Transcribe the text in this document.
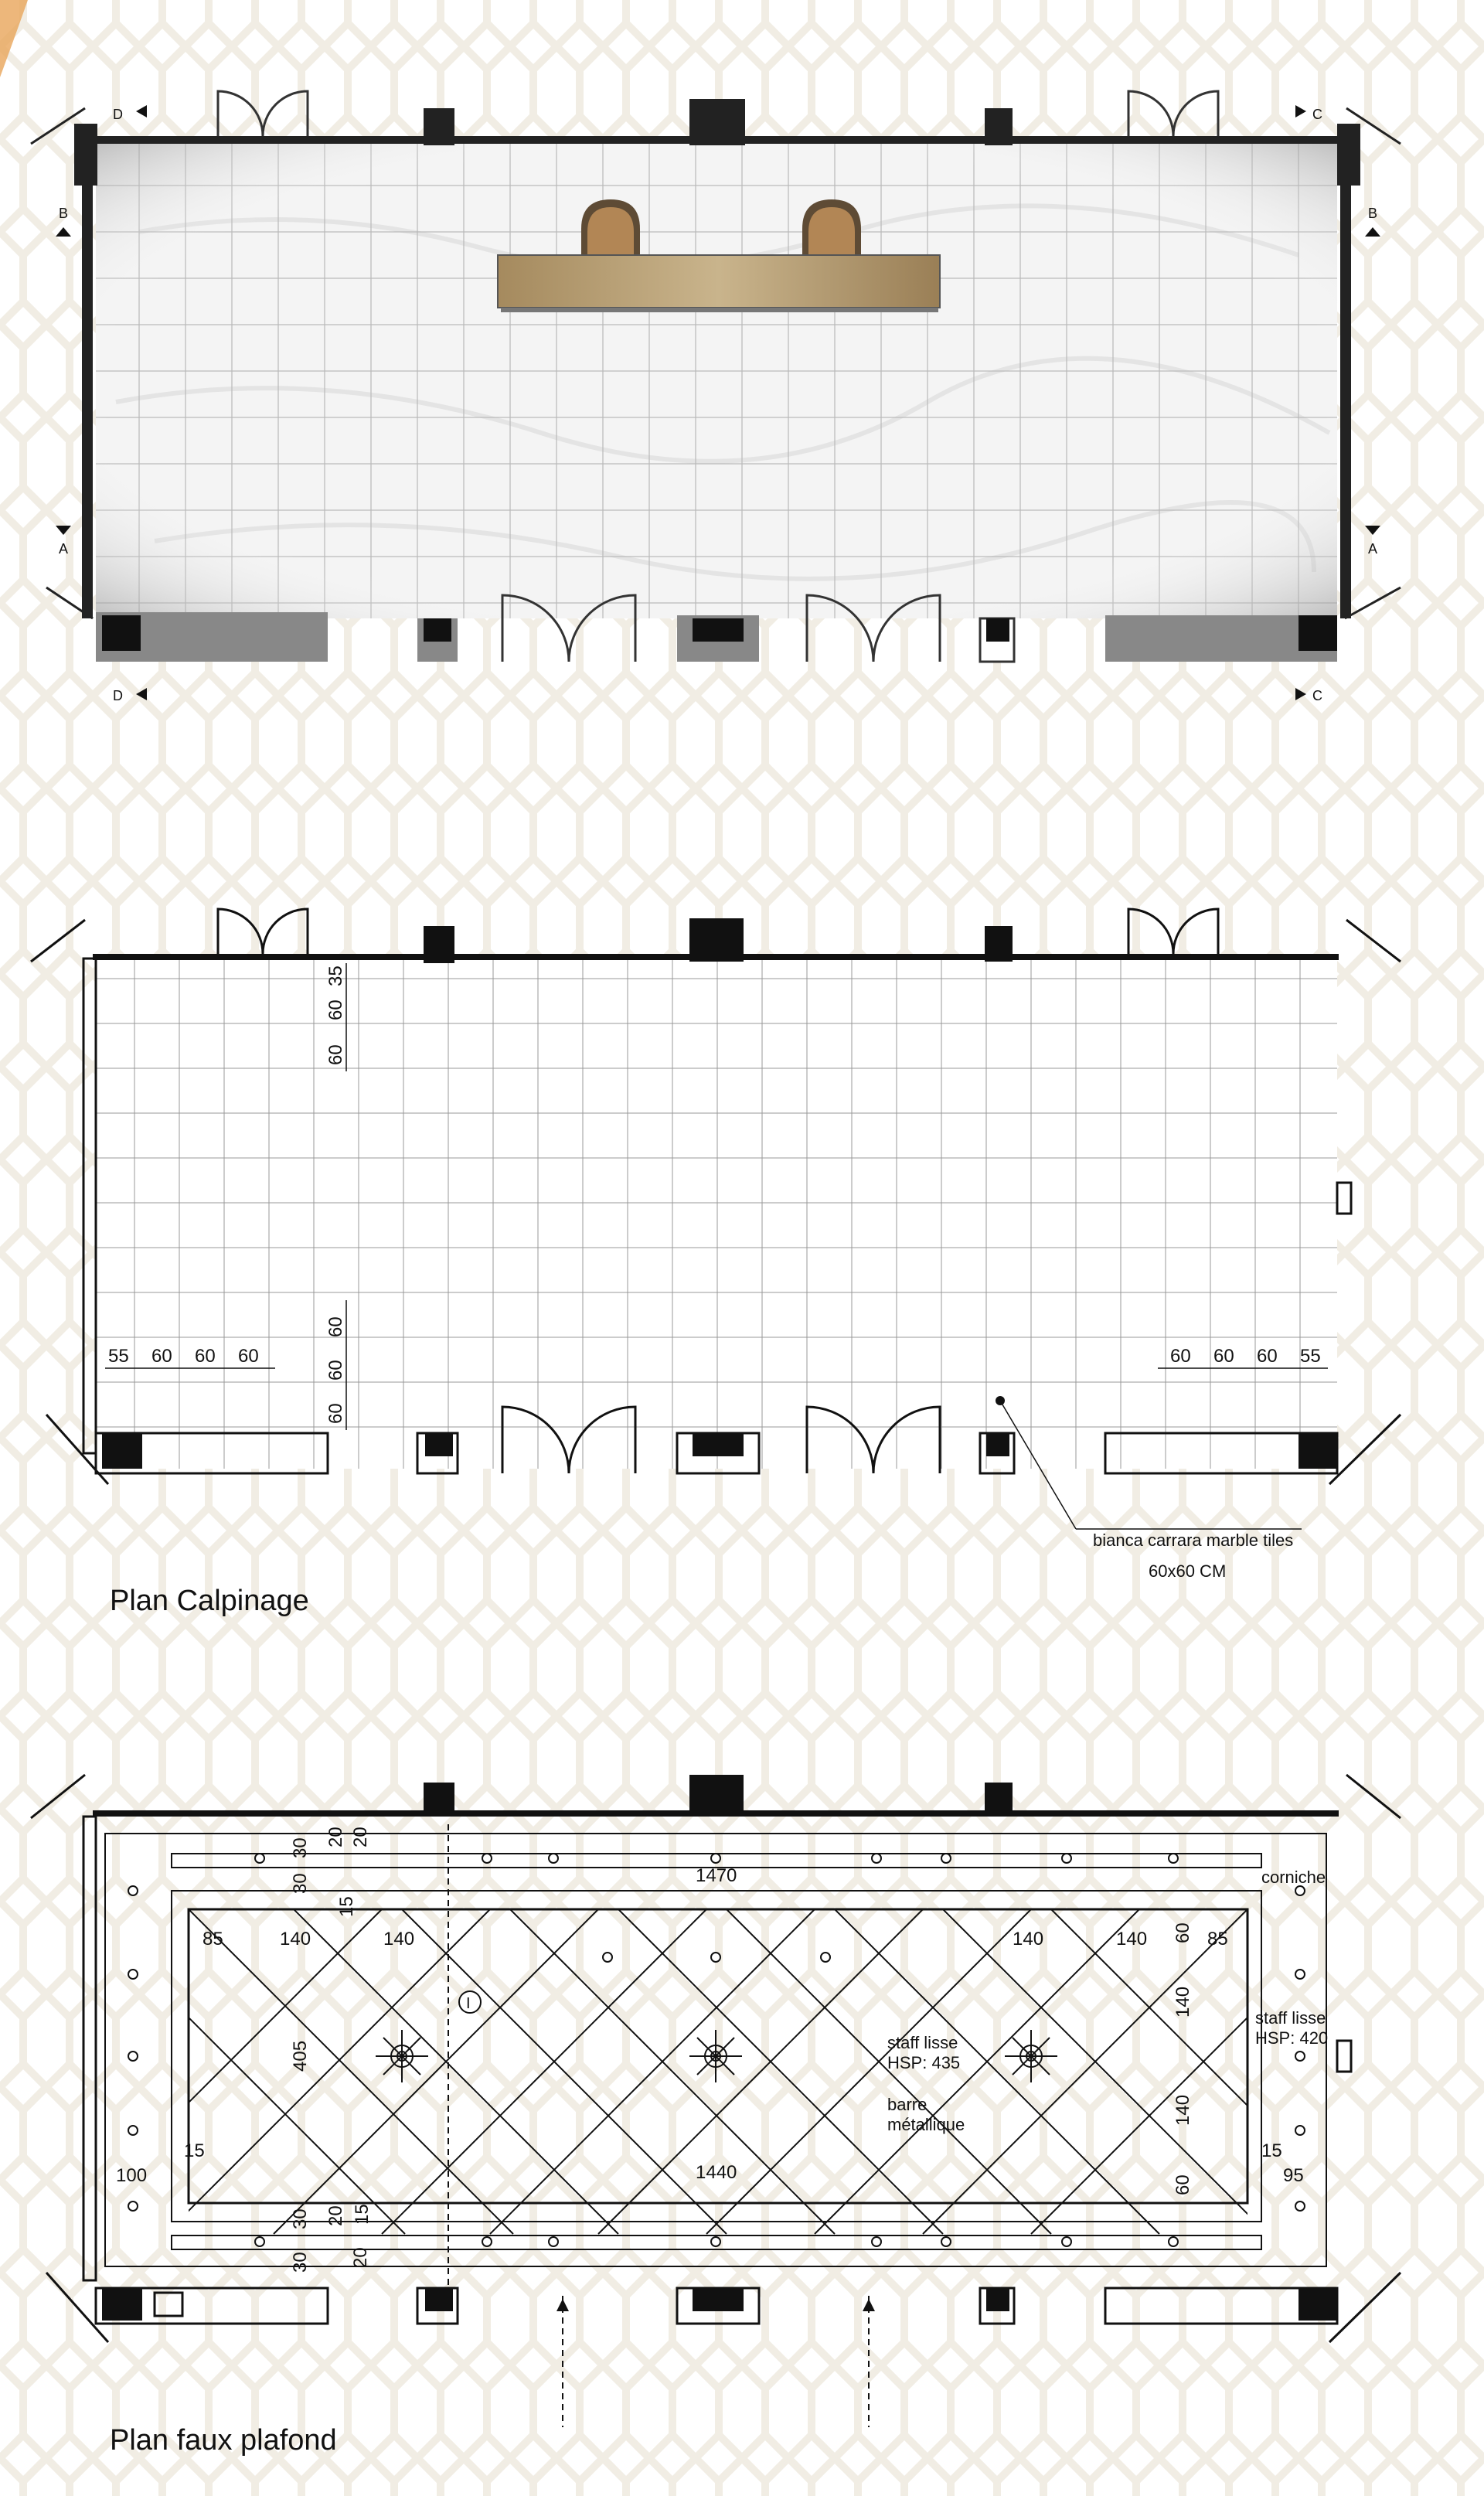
D	C
D	C
B	B
A	A
55 60 60 60	60 60 60 55
60
60
35
60
60
60
bianca carrara marble tiles
60x60 CM
Plan Calpinage
I
1470
1440
85	140	140	140	140	85
100
15
95
15
405
30
20 20
30
15
30
30
20
20
15
60
140
140
60
corniche
staff lisse
HSP: 420
staff lisse
HSP: 435
barre
métallique
Plan faux plafond
